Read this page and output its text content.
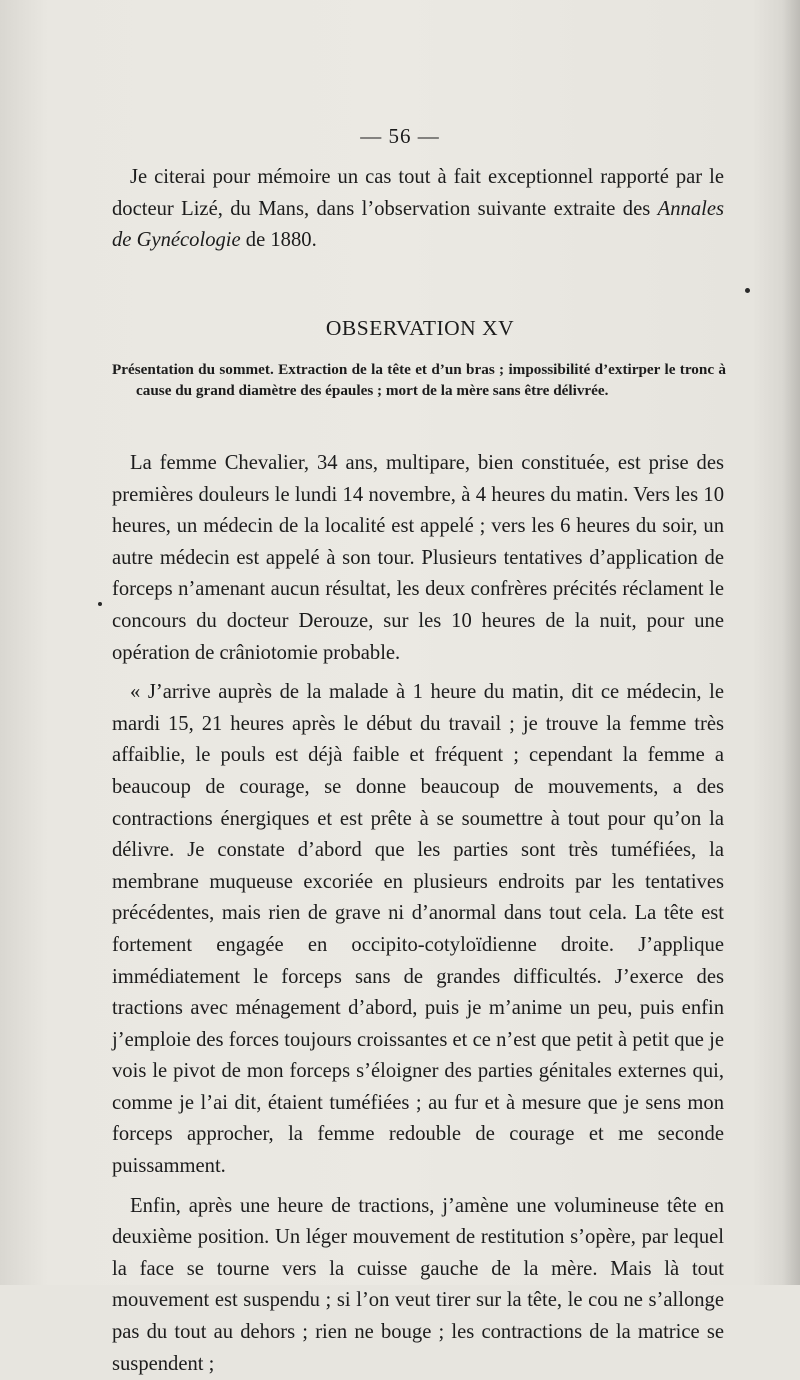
— 56 —

Je citerai pour mémoire un cas tout à fait exceptionnel rapporté par le docteur Lizé, du Mans, dans l’observation suivante extraite des Annales de Gynécologie de 1880.

OBSERVATION XV
Présentation du sommet. Extraction de la tête et d’un bras ; impossibilité d’extirper le tronc à cause du grand diamètre des épaules ; mort de la mère sans être délivrée.

La femme Chevalier, 34 ans, multipare, bien constituée, est prise des premières douleurs le lundi 14 novembre, à 4 heures du matin. Vers les 10 heures, un médecin de la localité est appelé ; vers les 6 heures du soir, un autre médecin est appelé à son tour. Plusieurs tentatives d’application de forceps n’amenant aucun résultat, les deux confrères précités réclament le concours du docteur Derouze, sur les 10 heures de la nuit, pour une opération de crâniotomie probable.

« J’arrive auprès de la malade à 1 heure du matin, dit ce médecin, le mardi 15, 21 heures après le début du travail ; je trouve la femme très affaiblie, le pouls est déjà faible et fréquent ; cependant la femme a beaucoup de courage, se donne beaucoup de mouvements, a des contractions énergiques et est prête à se soumettre à tout pour qu’on la délivre. Je constate d’abord que les parties sont très tuméfiées, la membrane muqueuse excoriée en plusieurs endroits par les tentatives précédentes, mais rien de grave ni d’anormal dans tout cela. La tête est fortement engagée en occipito-cotyloïdienne droite. J’applique immédiatement le forceps sans de grandes difficultés. J’exerce des tractions avec ménagement d’abord, puis je m’anime un peu, puis enfin j’emploie des forces toujours croissantes et ce n’est que petit à petit que je vois le pivot de mon forceps s’éloigner des parties génitales externes qui, comme je l’ai dit, étaient tuméfiées ; au fur et à mesure que je sens mon forceps approcher, la femme redouble de courage et me seconde puissamment.

Enfin, après une heure de tractions, j’amène une volumineuse tête en deuxième position. Un léger mouvement de restitution s’opère, par lequel la face se tourne vers la cuisse gauche de la mère. Mais là tout mouvement est suspendu ; si l’on veut tirer sur la tête, le cou ne s’allonge pas du tout au dehors ; rien ne bouge ; les contractions de la matrice se suspendent ;
